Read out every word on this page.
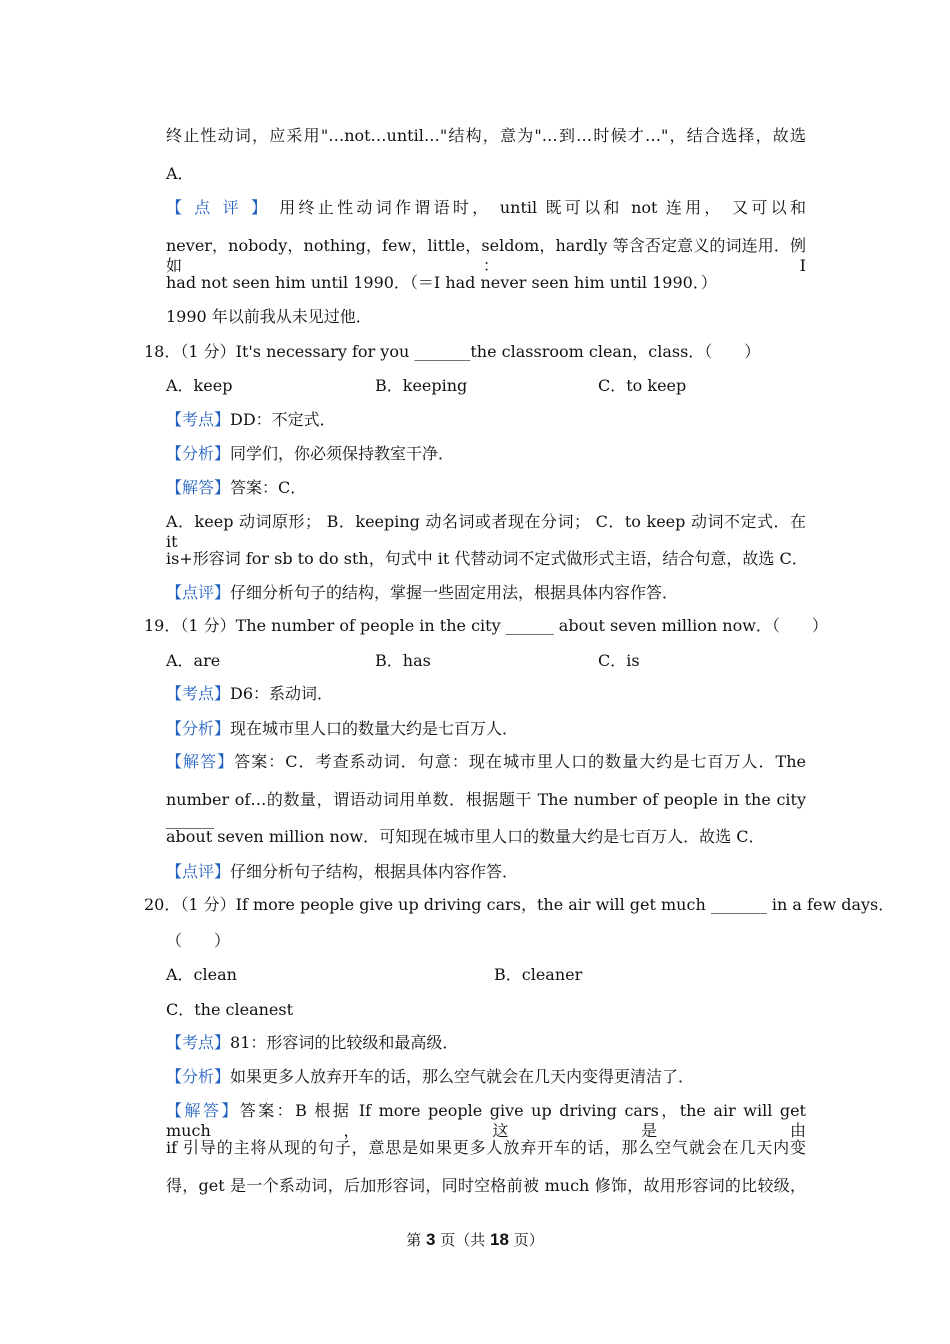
终止性动词，应采用"…not…until…"结构，意为"…到…时候才…"，结合选择，故选
A．
【点评】用终止性动词作谓语时， until 既可以和 not 连用， 又可以和
never，nobody，nothing，few，little，seldom，hardly 等含否定意义的词连用．例如：I
had not seen him until 1990．（＝I had never seen him until 1990．）
1990 年以前我从未见过他．
18．（1 分）It's necessary for you _______the classroom clean，class．（　　）
A．keep	B．keeping	C．to keep
【考点】DD：不定式．
【分析】同学们，你必须保持教室干净．
【解答】答案：C．
A．keep 动词原形； B．keeping 动名词或者现在分词； C．to keep 动词不定式．在 it
is+形容词 for sb to do sth，句式中 it 代替动词不定式做形式主语，结合句意，故选 C．
【点评】仔细分析句子的结构，掌握一些固定用法，根据具体内容作答．
19．（1 分）The number of people in the city ______ about seven million now．（　　）
A．are	B．has	C．is
【考点】D6：系动词．
【分析】现在城市里人口的数量大约是七百万人．
【解答】答案：C．考查系动词．句意：现在城市里人口的数量大约是七百万人．The
number of…的数量，谓语动词用单数．根据题干 The number of people in the city ______
about seven million now．可知现在城市里人口的数量大约是七百万人．故选 C．
【点评】仔细分析句子结构，根据具体内容作答．
20．（1 分）If more people give up driving cars，the air will get much _______ in a few days．
（　　）
A．clean	B．cleaner
C．the cleanest
【考点】81：形容词的比较级和最高级．
【分析】如果更多人放弃开车的话，那么空气就会在几天内变得更清洁了．
【解答】答案：B 根据 If more people give up driving cars，the air will get much，这是由
if 引导的主将从现的句子，意思是如果更多人放弃开车的话，那么空气就会在几天内变
得，get 是一个系动词，后加形容词，同时空格前被 much 修饰，故用形容词的比较级，
第 3 页（共 18 页）
